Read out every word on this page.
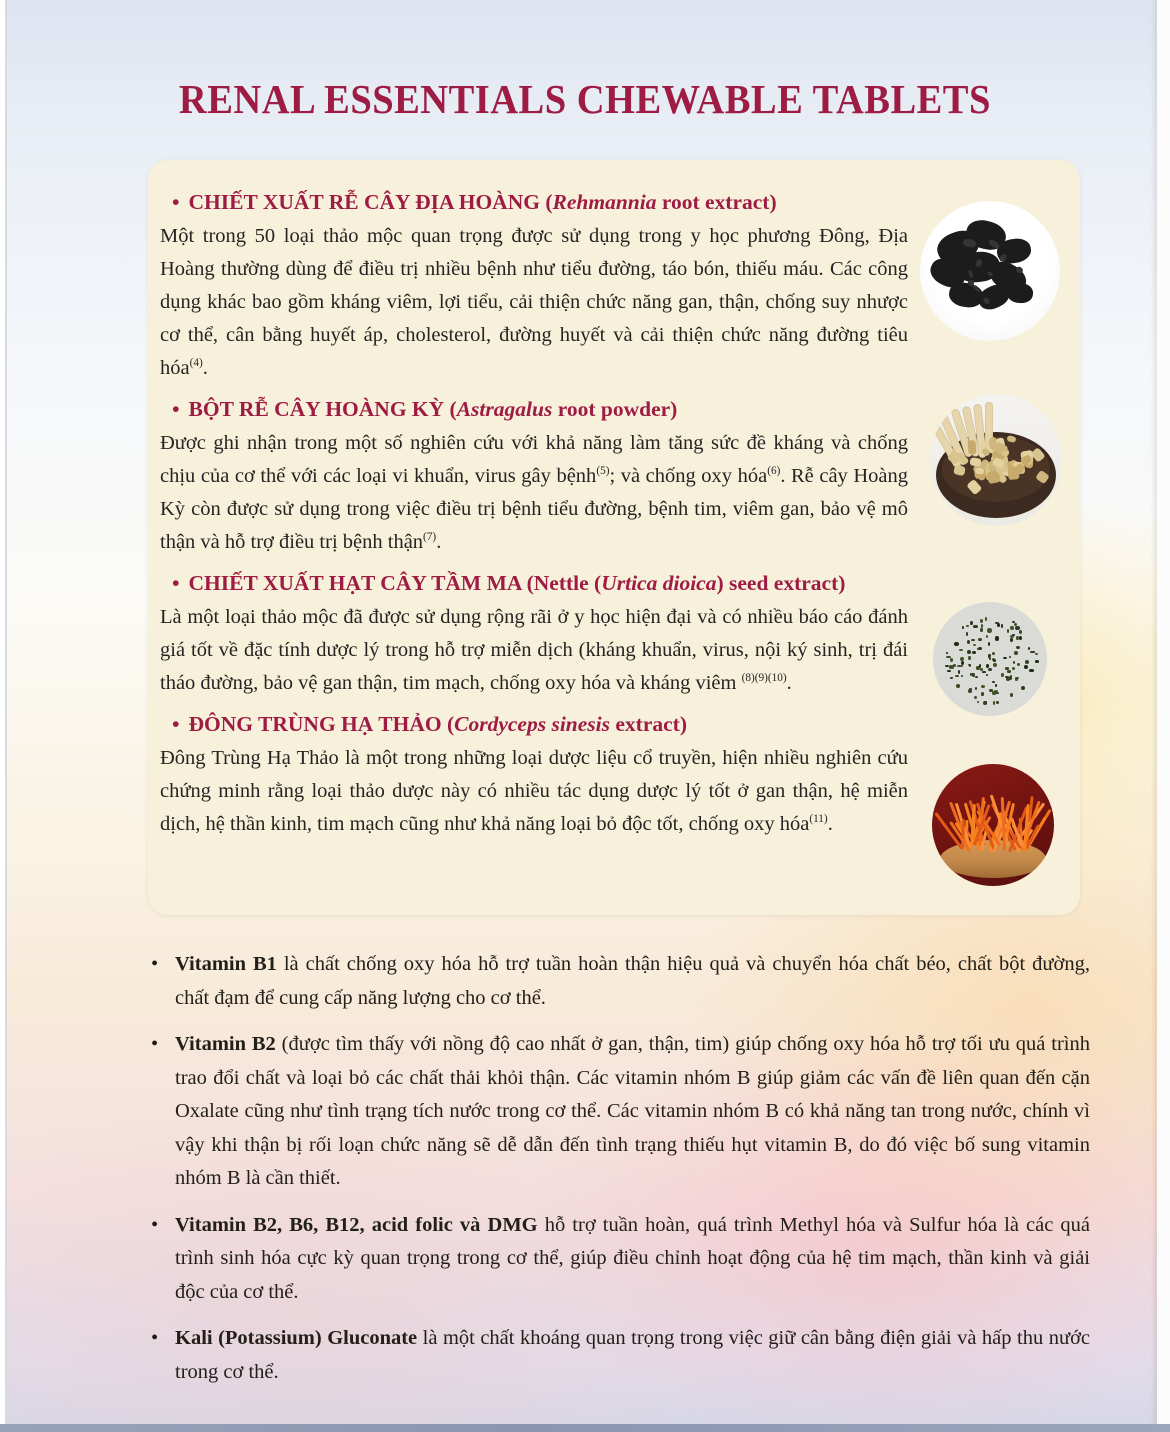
RENAL ESSENTIALS CHEWABLE TABLETS
• CHIẾT XUẤT RỄ CÂY ĐỊA HOÀNG (Rehmannia root extract)
Một trong 50 loại thảo mộc quan trọng được sử dụng trong y học phương Đông, Địa Hoàng thường dùng để điều trị nhiều bệnh như tiểu đường, táo bón, thiếu máu. Các công dụng khác bao gồm kháng viêm, lợi tiểu, cải thiện chức năng gan, thận, chống suy nhược cơ thể, cân bằng huyết áp, cholesterol, đường huyết và cải thiện chức năng đường tiêu hóa$^{(4)}$.
• BỘT RỄ CÂY HOÀNG KỲ (Astragalus root powder)
Được ghi nhận trong một số nghiên cứu với khả năng làm tăng sức đề kháng và chống chịu của cơ thể với các loại vi khuẩn, virus gây bệnh$^{(5)}$; và chống oxy hóa$^{(6)}$. Rễ cây Hoàng Kỳ còn được sử dụng trong việc điều trị bệnh tiểu đường, bệnh tim, viêm gan, bảo vệ mô thận và hỗ trợ điều trị bệnh thận$^{(7)}$.
• CHIẾT XUẤT HẠT CÂY TẦM MA (Nettle (Urtica dioica) seed extract)
Là một loại thảo mộc đã được sử dụng rộng rãi ở y học hiện đại và có nhiều báo cáo đánh giá tốt về đặc tính dược lý trong hỗ trợ miễn dịch (kháng khuẩn, virus, nội ký sinh, trị đái tháo đường, bảo vệ gan thận, tim mạch, chống oxy hóa và kháng viêm $^{(8)(9)(10)}$.
• ĐÔNG TRÙNG HẠ THẢO (Cordyceps sinesis extract)
Đông Trùng Hạ Thảo là một trong những loại dược liệu cổ truyền, hiện nhiều nghiên cứu chứng minh rằng loại thảo dược này có nhiều tác dụng dược lý tốt ở gan thận, hệ miễn dịch, hệ thần kinh, tim mạch cũng như khả năng loại bỏ độc tốt, chống oxy hóa$^{(11)}$.
• Vitamin B1 là chất chống oxy hóa hỗ trợ tuần hoàn thận hiệu quả và chuyển hóa chất béo, chất bột đường, chất đạm để cung cấp năng lượng cho cơ thể.
• Vitamin B2 (được tìm thấy với nồng độ cao nhất ở gan, thận, tim) giúp chống oxy hóa hỗ trợ tối ưu quá trình trao đổi chất và loại bỏ các chất thải khỏi thận. Các vitamin nhóm B giúp giảm các vấn đề liên quan đến cặn Oxalate cũng như tình trạng tích nước trong cơ thể. Các vitamin nhóm B có khả năng tan trong nước, chính vì vậy khi thận bị rối loạn chức năng sẽ dễ dẫn đến tình trạng thiếu hụt vitamin B, do đó việc bố sung vitamin nhóm B là cần thiết.
• Vitamin B2, B6, B12, acid folic và DMG hỗ trợ tuần hoàn, quá trình Methyl hóa và Sulfur hóa là các quá trình sinh hóa cực kỳ quan trọng trong cơ thể, giúp điều chỉnh hoạt động của hệ tim mạch, thần kinh và giải độc của cơ thể.
• Kali (Potassium) Gluconate là một chất khoáng quan trọng trong việc giữ cân bằng điện giải và hấp thu nước trong cơ thể.
